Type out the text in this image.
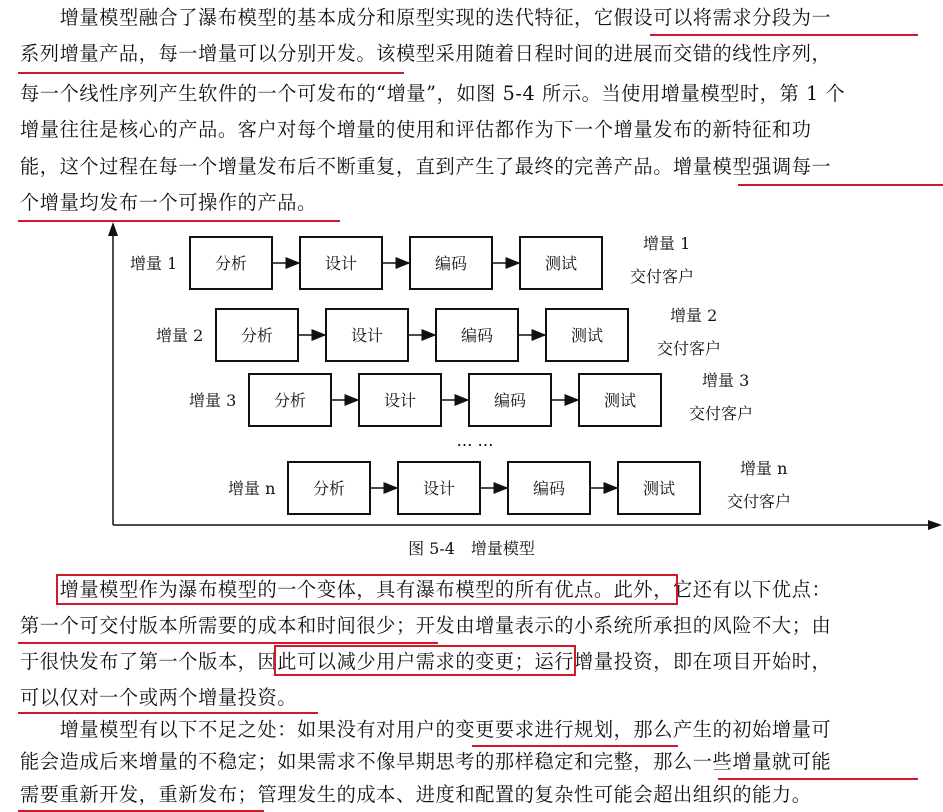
　　增量模型融合了瀑布模型的基本成分和原型实现的迭代特征，它假设可以将需求分段为一
系列增量产品，每一增量可以分别开发。该模型采用随着日程时间的进展而交错的线性序列，
每一个线性序列产生软件的一个可发布的“增量”，如图 5-4 所示。当使用增量模型时，第 1 个
增量往往是核心的产品。客户对每个增量的使用和评估都作为下一个增量发布的新特征和功
能，这个过程在每一个增量发布后不断重复，直到产生了最终的完善产品。增量模型强调每一
个增量均发布一个可操作的产品。
增量 1 分析	设计	编码	测试
增量 1
交付客户
增量 2 分析	设计	编码	测试
增量 2
交付客户
增量 3 分析	设计	编码	测试
增量 3
交付客户
增量 n 分析	设计	编码	测试
增量 n
交付客户
… …
图 5-4　增量模型
　　增量模型作为瀑布模型的一个变体，具有瀑布模型的所有优点。此外，它还有以下优点：
第一个可交付版本所需要的成本和时间很少；开发由增量表示的小系统所承担的风险不大；由
于很快发布了第一个版本，因此可以减少用户需求的变更；运行增量投资，即在项目开始时，
可以仅对一个或两个增量投资。
　　增量模型有以下不足之处：如果没有对用户的变更要求进行规划，那么产生的初始增量可
能会造成后来增量的不稳定；如果需求不像早期思考的那样稳定和完整，那么一些增量就可能
需要重新开发，重新发布；管理发生的成本、进度和配置的复杂性可能会超出组织的能力。
